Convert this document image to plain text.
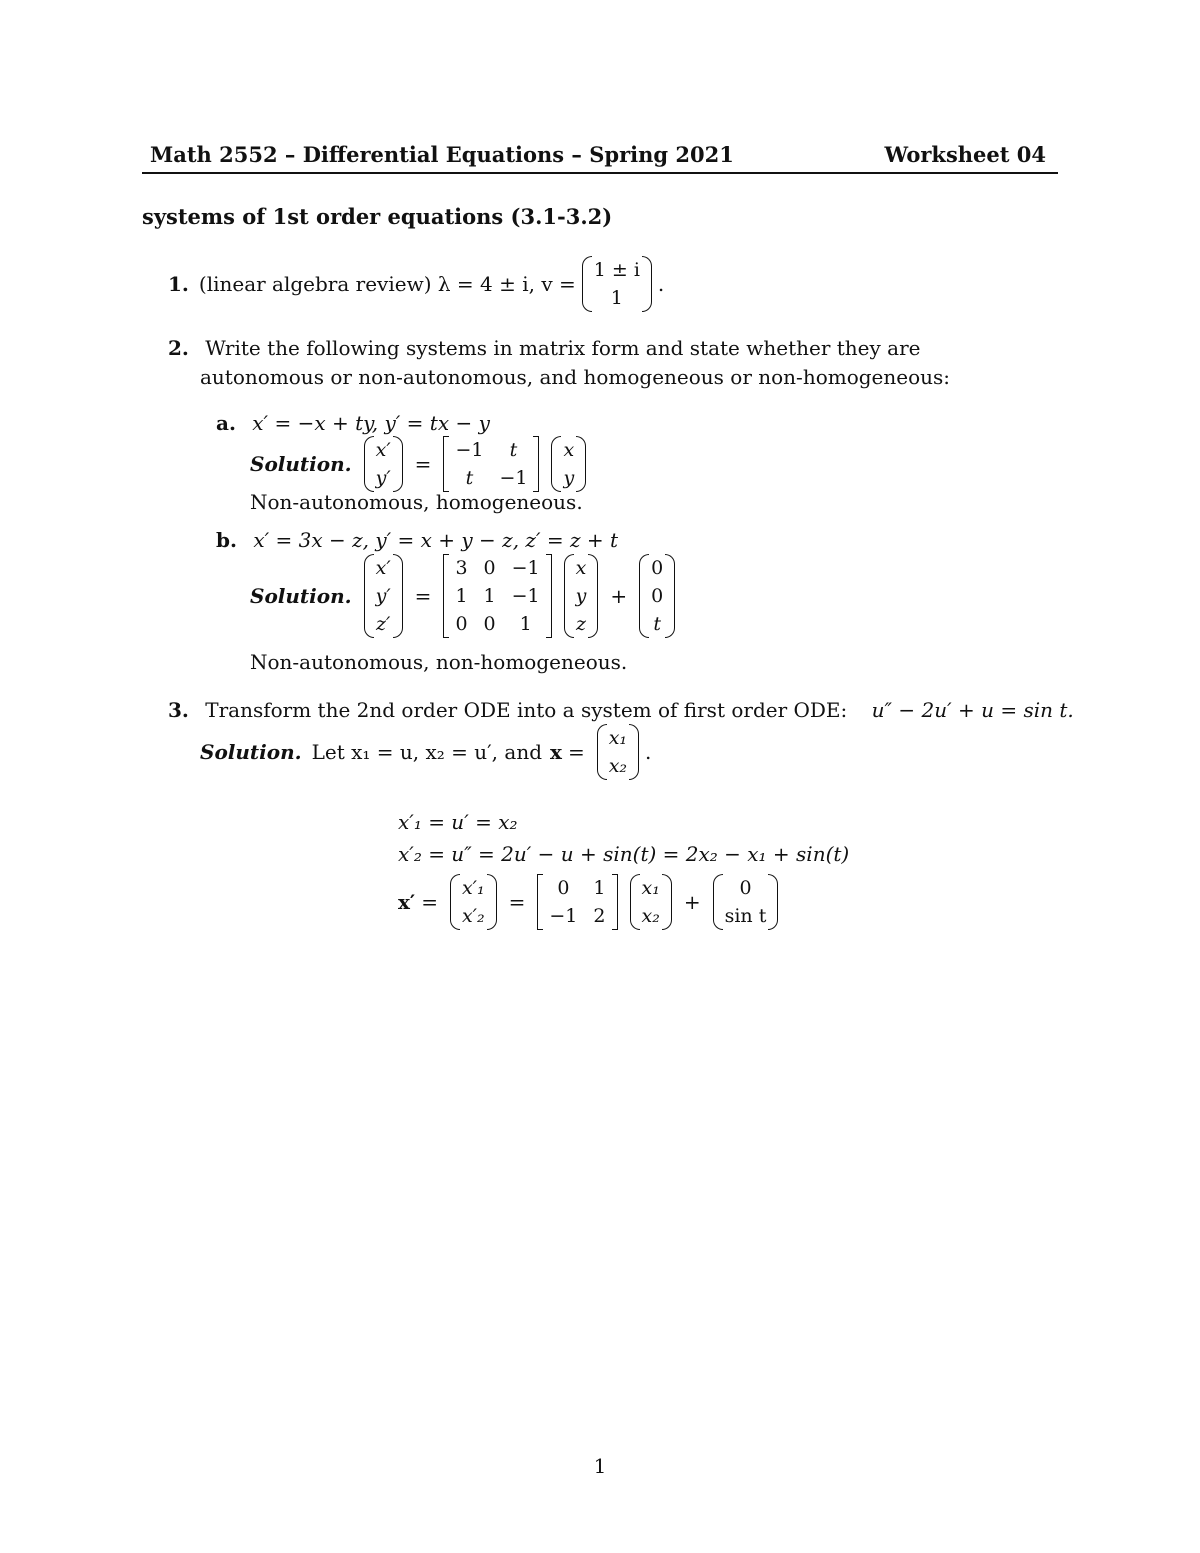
Math 2552 – Differential Equations – Spring 2021	Worksheet 04
systems of 1st order equations (3.1-3.2)
1. (linear algebra review) λ = 4 ± i, v =
1 ± i
1
.
2. Write the following systems in matrix form and state whether they are
autonomous or non-autonomous, and homogeneous or non-homogeneous:
a. x′ = −x + ty, y′ = tx − y
Solution.
x′
y′
=
−1	t
t	−1
x
y
Non-autonomous, homogeneous.
b. x′ = 3x − z, y′ = x + y − z, z′ = z + t
Solution.
x′
y′
z′
=
3 0 −1
1 1 −1
0 0	1
x
y
z
+
0
0
t
Non-autonomous, non-homogeneous.
3. Transform the 2nd order ODE into a system of first order ODE: u″ − 2u′ + u = sin t.
Solution. Let x₁ = u, x₂ = u′, and x =
x₁
x₂
.
x′₁ = u′ = x₂
x′₂ = u″ = 2u′ − u + sin(t) = 2x₂ − x₁ + sin(t)
x′ =
x′₁
x′₂
=
0	1
−1 2
x₁
x₂
+
0
sin t
1
